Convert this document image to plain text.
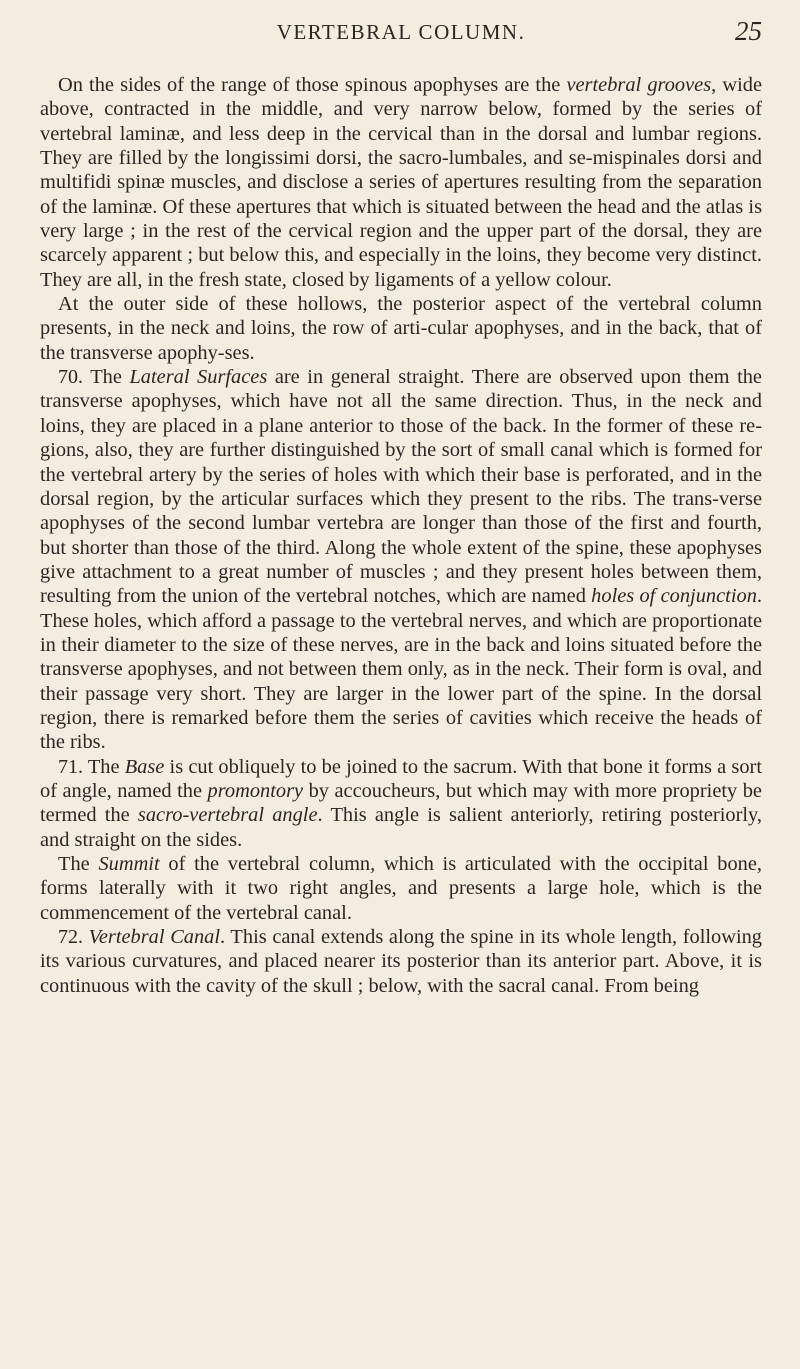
VERTEBRAL COLUMN.	25

On the sides of the range of those spinous apophyses are the vertebral grooves, wide above, contracted in the middle, and very narrow below, formed by the series of vertebral laminæ, and less deep in the cervical than in the dorsal and lumbar regions. They are filled by the longissimi dorsi, the sacro-lumbales, and se-mispinales dorsi and multifidi spinæ muscles, and disclose a series of apertures resulting from the separation of the laminæ. Of these apertures that which is situated between the head and the atlas is very large ; in the rest of the cervical region and the upper part of the dorsal, they are scarcely apparent ; but below this, and especially in the loins, they become very distinct. They are all, in the fresh state, closed by ligaments of a yellow colour.

At the outer side of these hollows, the posterior aspect of the vertebral column presents, in the neck and loins, the row of arti-cular apophyses, and in the back, that of the transverse apophy-ses.

70. The Lateral Surfaces are in general straight. There are observed upon them the transverse apophyses, which have not all the same direction. Thus, in the neck and loins, they are placed in a plane anterior to those of the back. In the former of these re-gions, also, they are further distinguished by the sort of small canal which is formed for the vertebral artery by the series of holes with which their base is perforated, and in the dorsal region, by the articular surfaces which they present to the ribs. The trans-verse apophyses of the second lumbar vertebra are longer than those of the first and fourth, but shorter than those of the third. Along the whole extent of the spine, these apophyses give attachment to a great number of muscles ; and they present holes between them, resulting from the union of the vertebral notches, which are named holes of conjunction. These holes, which afford a passage to the vertebral nerves, and which are proportionate in their diameter to the size of these nerves, are in the back and loins situated before the transverse apophyses, and not between them only, as in the neck. Their form is oval, and their passage very short. They are larger in the lower part of the spine. In the dorsal region, there is remarked before them the series of cavities which receive the heads of the ribs.

71. The Base is cut obliquely to be joined to the sacrum. With that bone it forms a sort of angle, named the promontory by accoucheurs, but which may with more propriety be termed the sacro-vertebral angle. This angle is salient anteriorly, retiring posteriorly, and straight on the sides.

The Summit of the vertebral column, which is articulated with the occipital bone, forms laterally with it two right angles, and presents a large hole, which is the commencement of the vertebral canal.

72. Vertebral Canal. This canal extends along the spine in its whole length, following its various curvatures, and placed nearer its posterior than its anterior part. Above, it is continuous with the cavity of the skull ; below, with the sacral canal. From being
